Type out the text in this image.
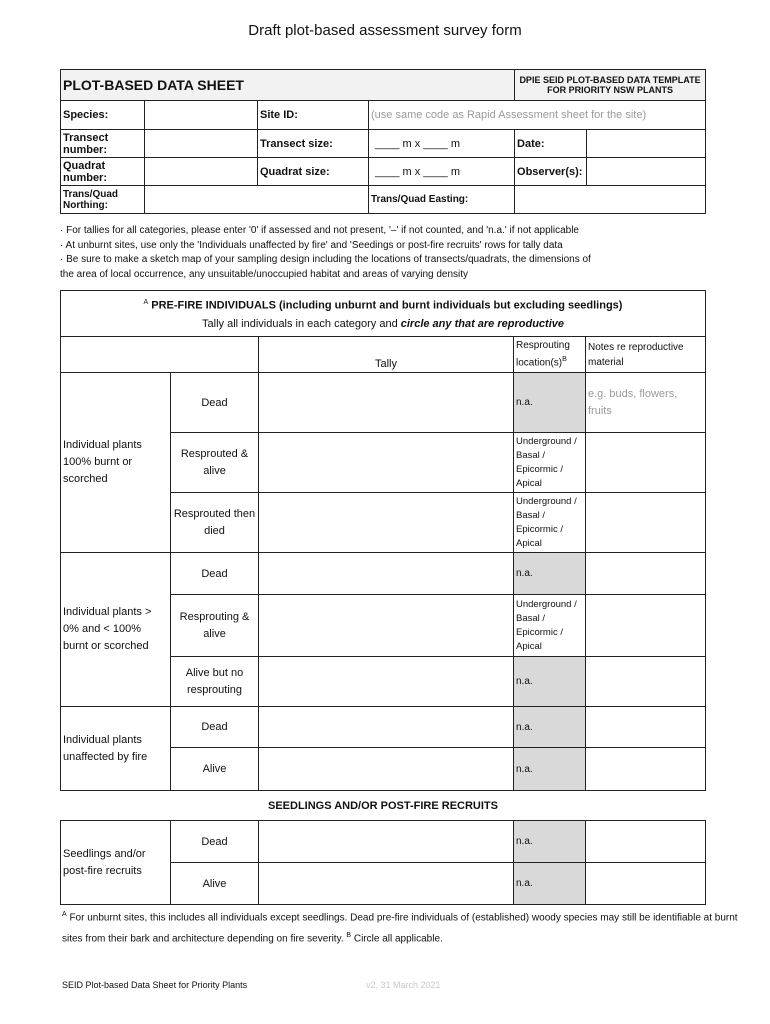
Draft plot-based assessment survey form
PLOT-BASED DATA SHEET				DPIE SEID PLOT-BASED DATA TEMPLATE
FOR PRIORITY NSW PLANTS	

Species:		Site ID:	(use same code as Rapid Assessment sheet for the site)		
Transect number:		Transect size:	____ m x ____ m	Date:	
Quadrat number:		Quadrat size:	____ m x ____ m	Observer(s):	
Trans/Quad Northing:			Trans/Quad Easting:		
· For tallies for all categories, please enter '0' if assessed and not present, '–' if not counted, and 'n.a.' if not applicable
· At unburnt sites, use only the 'Individuals unaffected by fire' and 'Seedings or post-fire recruits' rows for tally data
· Be sure to make a sketch map of your sampling design including the locations of transects/quadrats, the dimensions of
the area of local occurrence, any unsuitable/unoccupied habitat and areas of varying density
$^A$ PRE-FIRE INDIVIDUALS (including unburnt and burnt individuals but excluding seedlings)
Tally all individuals in each category and circle any that are reproductive				

		Tally	Resprouting $location(s)^B$	Notes re reproductive material
Individual plants 100% burnt or scorched	Dead		n.a.	e.g. buds, flowers, fruits
	Resprouted & alive		Underground / Basal / Epicormic / Apical	
	Resprouted then died		Underground / Basal / Epicormic / Apical	
Individual plants > 0% and < 100% burnt or scorched	Dead		n.a.	
	Resprouting & alive		Underground / Basal / Epicormic / Apical	
	Alive but no resprouting		n.a.	
Individual plants unaffected by fire	Dead		n.a.	
	Alive		n.a.	
SEEDLINGS AND/OR POST-FIRE RECRUITS				
Seedlings and/or post-fire recruits	Dead		n.a.	
	Alive		n.a.	
$^A$ For unburnt sites, this includes all individuals except seedlings. Dead pre-fire individuals of (established) woody species may still be identifiable at burnt sites from their bark and architecture depending on fire severity. $^B$ Circle all applicable.
SEID Plot-based Data Sheet for Priority Plants	v2, 31 March 2021
